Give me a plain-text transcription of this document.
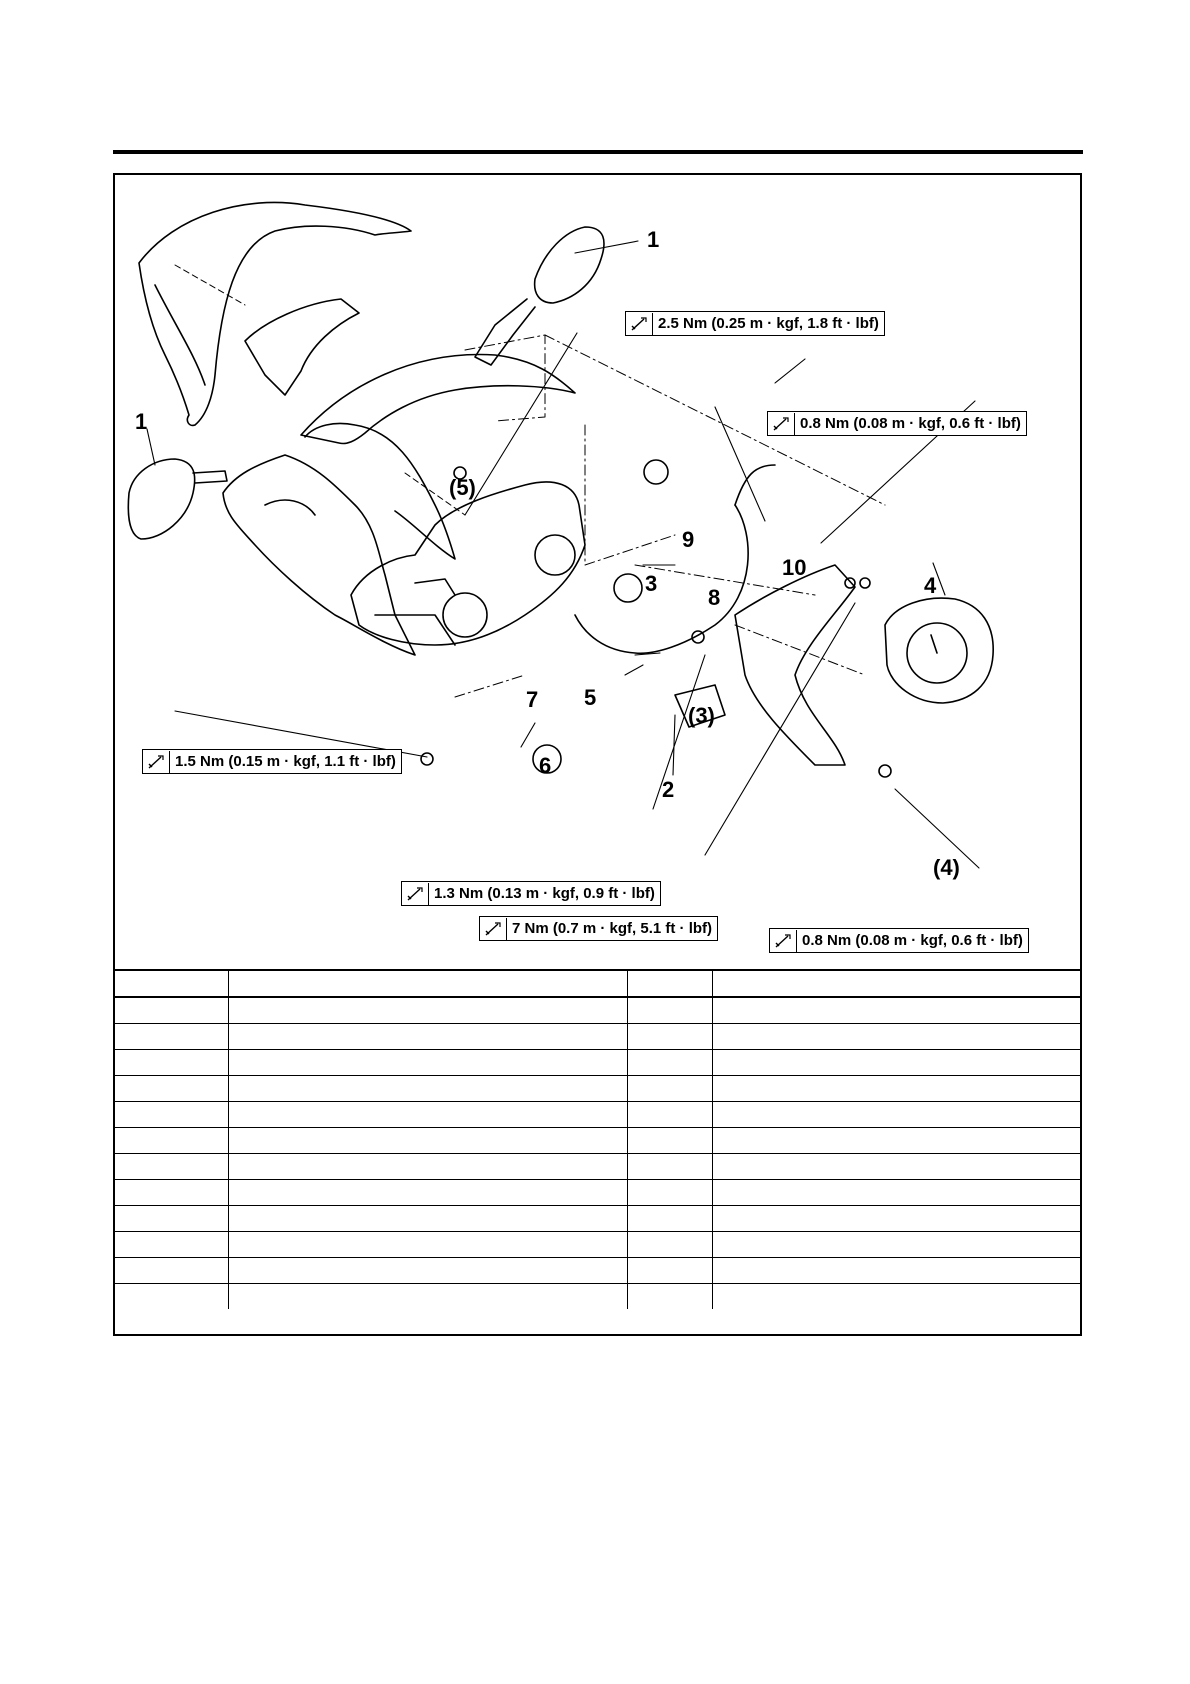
1
1
2
3	4
5
6
7
8
9
10
(3)
(4)
(5)
2.5 Nm (0.25 m · kgf, 1.8 ft · lbf)
0.8 Nm (0.08 m · kgf, 0.6 ft · lbf)
1.5 Nm (0.15 m · kgf, 1.1 ft · lbf)
1.3 Nm (0.13 m · kgf, 0.9 ft · lbf)
7 Nm (0.7 m · kgf, 5.1 ft · lbf)
0.8 Nm (0.08 m · kgf, 0.6 ft · lbf)
